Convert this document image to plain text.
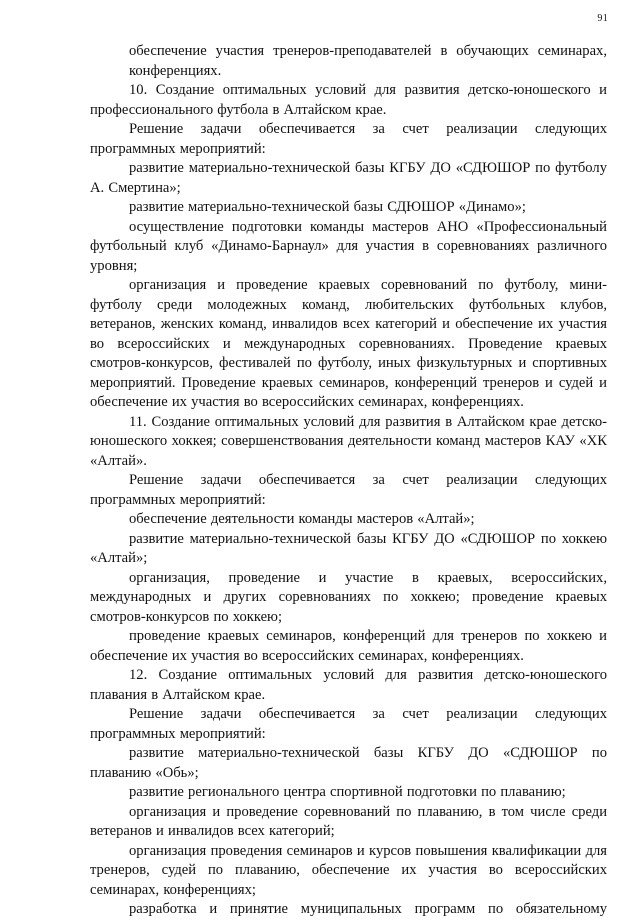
91

обеспечение участия тренеров-преподавателей в обучающих семинарах, конференциях.

10. Создание оптимальных условий для развития детско-юношеского и профессионального футбола в Алтайском крае.

Решение задачи обеспечивается за счет реализации следующих программных мероприятий:

развитие материально-технической базы КГБУ ДО «СДЮШОР по футболу А. Смертина»;

развитие материально-технической базы СДЮШОР «Динамо»;

осуществление подготовки команды мастеров АНО «Профессиональный футбольный клуб «Динамо-Барнаул» для участия в соревнованиях различного уровня;

организация и проведение краевых соревнований по футболу, мини-футболу среди молодежных команд, любительских футбольных клубов, ветеранов, женских команд, инвалидов всех категорий и обеспечение их участия во всероссийских и международных соревнованиях. Проведение краевых смотров-конкурсов, фестивалей по футболу, иных физкультурных и спортивных мероприятий. Проведение краевых семинаров, конференций тренеров и судей и обеспечение их участия во всероссийских семинарах, конференциях.

11. Создание оптимальных условий для развития в Алтайском крае детско-юношеского хоккея; совершенствования деятельности команд мастеров КАУ «ХК «Алтай».

Решение задачи обеспечивается за счет реализации следующих программных мероприятий:

обеспечение деятельности команды мастеров «Алтай»;

развитие материально-технической базы КГБУ ДО «СДЮШОР по хоккею «Алтай»;

организация, проведение и участие в краевых, всероссийских, международных и других соревнованиях по хоккею; проведение краевых смотров-конкурсов по хоккею;

проведение краевых семинаров, конференций для тренеров по хоккею и обеспечение их участия во всероссийских семинарах, конференциях.

12. Создание оптимальных условий для развития детско-юношеского плавания в Алтайском крае.

Решение задачи обеспечивается за счет реализации следующих программных мероприятий:

развитие материально-технической базы КГБУ ДО «СДЮШОР по плаванию «Обь»;

развитие регионального центра спортивной подготовки по плаванию;

организация и проведение соревнований по плаванию, в том числе среди ветеранов и инвалидов всех категорий;

организация проведения семинаров и курсов повышения квалификации для тренеров, судей по плаванию, обеспечение их участия во всероссийских семинарах, конференциях;

разработка и принятие муниципальных программ по обязательному
